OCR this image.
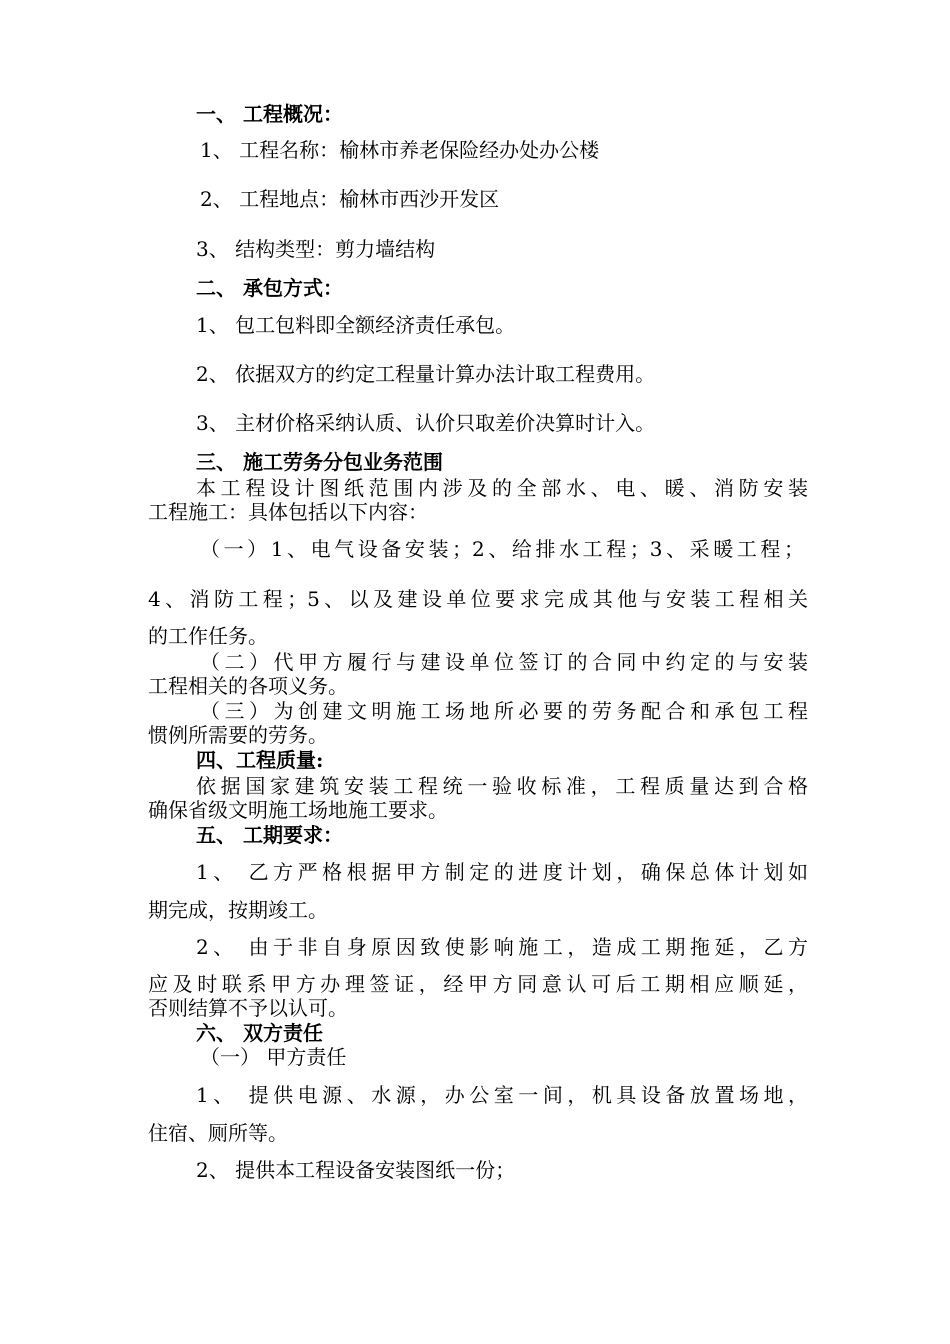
一、 工程概况：
1、 工程名称：榆林市养老保险经办处办公楼
2、 工程地点：榆林市西沙开发区
3、 结构类型：剪力墙结构
二、 承包方式：
1、 包工包料即全额经济责任承包。
2、 依据双方的约定工程量计算办法计取工程费用。
3、 主材价格采纳认质、认价只取差价决算时计入。
三、 施工劳务分包业务范围
本工程设计图纸范围内涉及的全部水、电、暖、消防安装
工程施工：具体包括以下内容：
（一）1、电气设备安装；2、给排水工程；3、采暖工程；
4、消防工程；5、以及建设单位要求完成其他与安装工程相关
的工作任务。
（二）代甲方履行与建设单位签订的合同中约定的与安装
工程相关的各项义务。
（三）为创建文明施工场地所必要的劳务配合和承包工程
惯例所需要的劳务。
四、工程质量:
依据国家建筑安装工程统一验收标准，工程质量达到合格
确保省级文明施工场地施工要求。
五、 工期要求：
1、 乙方严格根据甲方制定的进度计划，确保总体计划如
期完成，按期竣工。
2、 由于非自身原因致使影响施工，造成工期拖延，乙方
应及时联系甲方办理签证，经甲方同意认可后工期相应顺延，
否则结算不予以认可。
六、 双方责任
（一） 甲方责任
1、 提供电源、水源，办公室一间，机具设备放置场地，
住宿、厕所等。
2、 提供本工程设备安装图纸一份；
